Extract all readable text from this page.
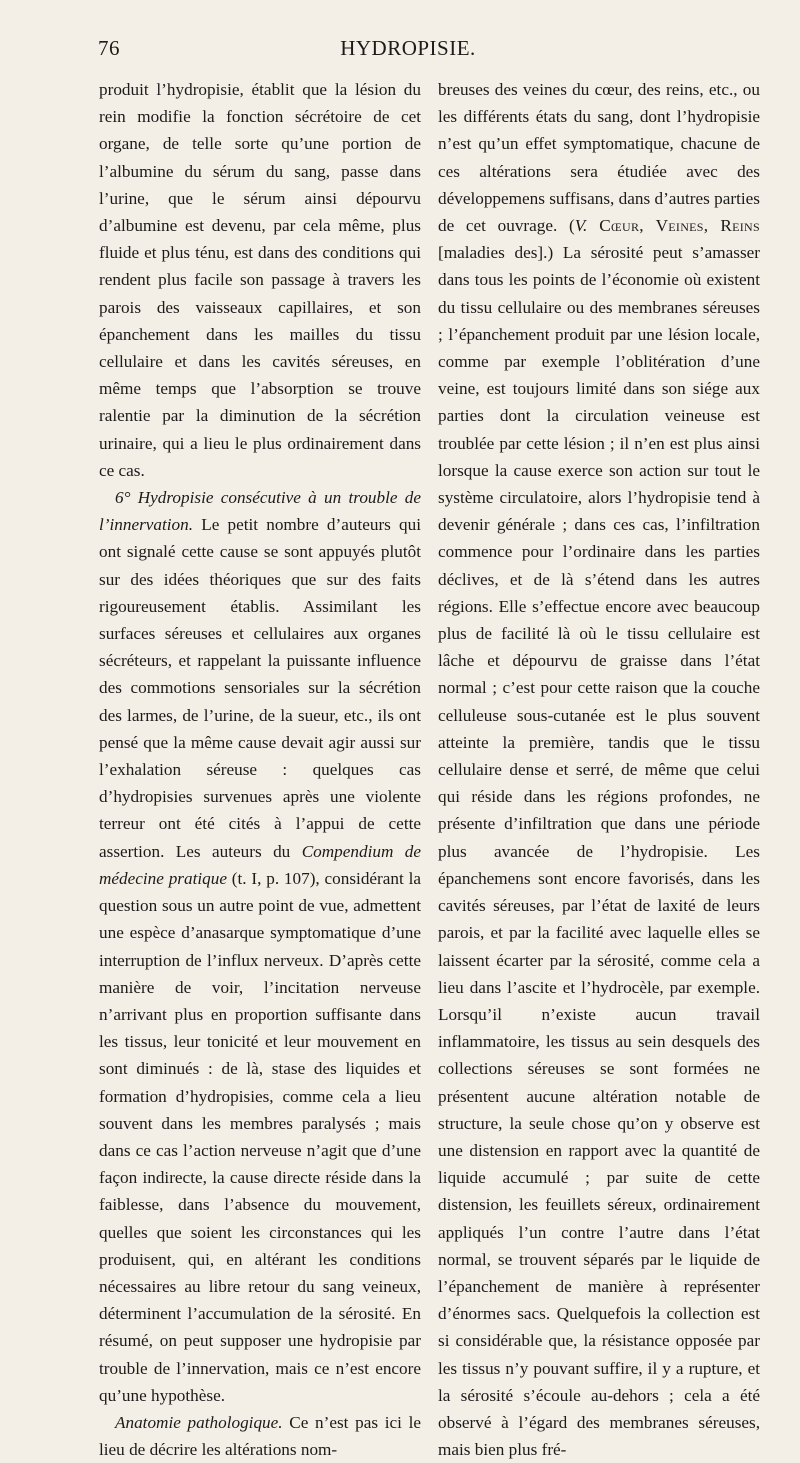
76	HYDROPISIE.

produit l’hydropisie, établit que la lésion du rein modifie la fonction sécrétoire de cet organe, de telle sorte qu’une portion de l’albumine du sérum du sang, passe dans l’urine, que le sérum ainsi dépourvu d’albumine est devenu, par cela même, plus fluide et plus ténu, est dans des conditions qui rendent plus facile son passage à travers les parois des vaisseaux capillaires, et son épanchement dans les mailles du tissu cellulaire et dans les cavités séreuses, en même temps que l’absorption se trouve ralentie par la diminution de la sécrétion urinaire, qui a lieu le plus ordinairement dans ce cas.

6° Hydropisie consécutive à un trouble de l’innervation. Le petit nombre d’auteurs qui ont signalé cette cause se sont appuyés plutôt sur des idées théoriques que sur des faits rigoureusement établis. Assimilant les surfaces séreuses et cellulaires aux organes sécréteurs, et rappelant la puissante influence des commotions sensoriales sur la sécrétion des larmes, de l’urine, de la sueur, etc., ils ont pensé que la même cause devait agir aussi sur l’exhalation séreuse : quelques cas d’hydropisies survenues après une violente terreur ont été cités à l’appui de cette assertion. Les auteurs du Compendium de médecine pratique (t. I, p. 107), considérant la question sous un autre point de vue, admettent une espèce d’anasarque symptomatique d’une interruption de l’influx nerveux. D’après cette manière de voir, l’incitation nerveuse n’arrivant plus en proportion suffisante dans les tissus, leur tonicité et leur mouvement en sont diminués : de là, stase des liquides et formation d’hydropisies, comme cela a lieu souvent dans les membres paralysés ; mais dans ce cas l’action nerveuse n’agit que d’une façon indirecte, la cause directe réside dans la faiblesse, dans l’absence du mouvement, quelles que soient les circonstances qui les produisent, qui, en altérant les conditions nécessaires au libre retour du sang veineux, déterminent l’accumulation de la sérosité. En résumé, on peut supposer une hydropisie par trouble de l’innervation, mais ce n’est encore qu’une hypothèse.

Anatomie pathologique. Ce n’est pas ici le lieu de décrire les altérations nom-

breuses des veines du cœur, des reins, etc., ou les différents états du sang, dont l’hydropisie n’est qu’un effet symptomatique, chacune de ces altérations sera étudiée avec des développemens suffisans, dans d’autres parties de cet ouvrage. (V. Cœur, Veines, Reins [maladies des].) La sérosité peut s’amasser dans tous les points de l’économie où existent du tissu cellulaire ou des membranes séreuses ; l’épanchement produit par une lésion locale, comme par exemple l’oblitération d’une veine, est toujours limité dans son siége aux parties dont la circulation veineuse est troublée par cette lésion ; il n’en est plus ainsi lorsque la cause exerce son action sur tout le système circulatoire, alors l’hydropisie tend à devenir générale ; dans ces cas, l’infiltration commence pour l’ordinaire dans les parties déclives, et de là s’étend dans les autres régions. Elle s’effectue encore avec beaucoup plus de facilité là où le tissu cellulaire est lâche et dépourvu de graisse dans l’état normal ; c’est pour cette raison que la couche celluleuse sous-cutanée est le plus souvent atteinte la première, tandis que le tissu cellulaire dense et serré, de même que celui qui réside dans les régions profondes, ne présente d’infiltration que dans une période plus avancée de l’hydropisie. Les épanchemens sont encore favorisés, dans les cavités séreuses, par l’état de laxité de leurs parois, et par la facilité avec laquelle elles se laissent écarter par la sérosité, comme cela a lieu dans l’ascite et l’hydrocèle, par exemple. Lorsqu’il n’existe aucun travail inflammatoire, les tissus au sein desquels des collections séreuses se sont formées ne présentent aucune altération notable de structure, la seule chose qu’on y observe est une distension en rapport avec la quantité de liquide accumulé ; par suite de cette distension, les feuillets séreux, ordinairement appliqués l’un contre l’autre dans l’état normal, se trouvent séparés par le liquide de l’épanchement de manière à représenter d’énormes sacs. Quelquefois la collection est si considérable que, la résistance opposée par les tissus n’y pouvant suffire, il y a rupture, et la sérosité s’écoule au-dehors ; cela a été observé à l’égard des membranes séreuses, mais bien plus fré-
